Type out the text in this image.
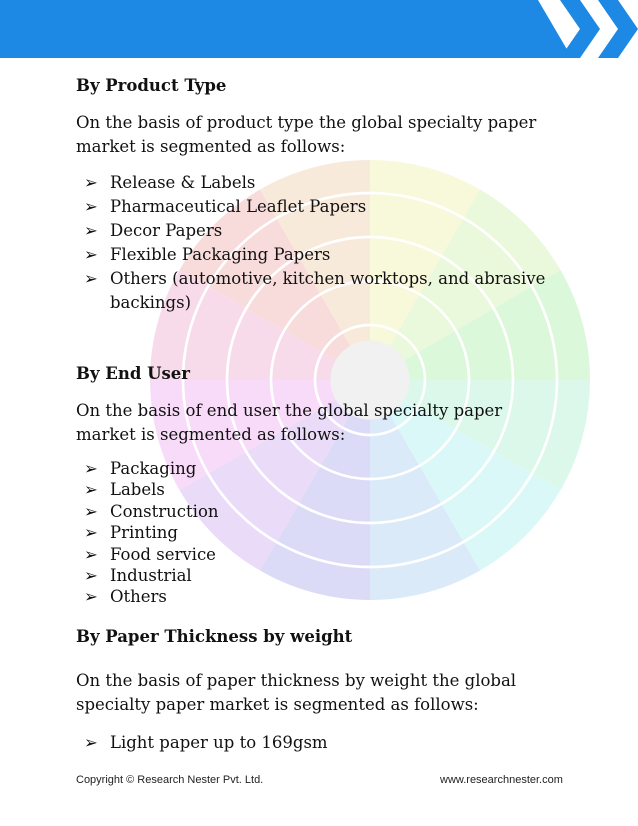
By Product Type
On the basis of product type the global specialty paper market is segmented as follows:
➢ Release & Labels
➢ Pharmaceutical Leaflet Papers
➢ Decor Papers
➢ Flexible Packaging Papers
➢ Others (automotive, kitchen worktops, and abrasive backings)
By End User
On the basis of end user the global specialty paper market is segmented as follows:
➢ Packaging
➢ Labels
➢ Construction
➢ Printing
➢ Food service
➢ Industrial
➢ Others
By Paper Thickness by weight
On the basis of paper thickness by weight the global specialty paper market is segmented as follows:
➢ Light paper up to 169gsm
Copyright © Research Nester Pvt. Ltd.	www.researchnester.com
